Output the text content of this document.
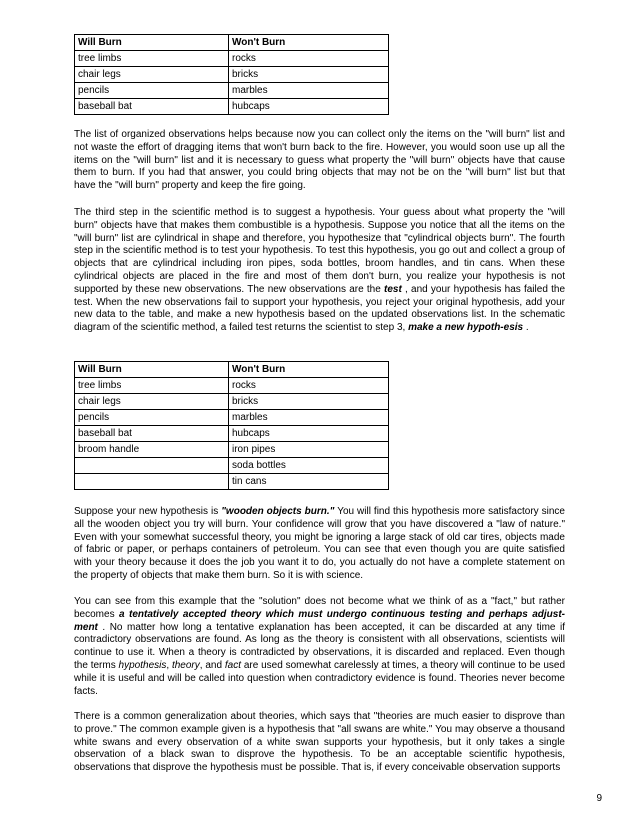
Will Burn	Won't Burn
tree limbs	rocks
chair legs	bricks
pencils	marbles
baseball bat	hubcaps

The list of organized observations helps because now you can collect only the items on the "will burn" list and not waste the effort of dragging items that won't burn back to the fire. However, you would soon use up all the items on the "will burn" list and it is necessary to guess what property the "will burn" objects have that cause them to burn. If you had that answer, you could bring objects that may not be on the "will burn" list but that have the "will burn" property and keep the fire going.

The third step in the scientific method is to suggest a hypothesis. Your guess about what property the "will burn" objects have that makes them combustible is a hypothesis. Suppose you notice that all the items on the "will burn" list are cylindrical in shape and therefore, you hypothesize that "cylindrical objects burn". The fourth step in the scientific method is to test your hypothesis. To test this hypothesis, you go out and collect a group of objects that are cylindrical including iron pipes, soda bottles, broom handles, and tin cans. When these cylindrical objects are placed in the fire and most of them don't burn, you realize your hypothesis is not supported by these new observations. The new observations are the test , and your hypothesis has failed the test. When the new observations fail to support your hypothesis, you reject your original hypothesis, add your new data to the table, and make a new hypothesis based on the updated observations list. In the schematic diagram of the scientific method, a failed test returns the scientist to step 3, make a new hypoth-esis .

Will Burn	Won't Burn
tree limbs	rocks
chair legs	bricks
pencils	marbles
baseball bat	hubcaps
broom handle	iron pipes
	soda bottles
	tin cans

Suppose your new hypothesis is "wooden objects burn." You will find this hypothesis more satisfactory since all the wooden object you try will burn. Your confidence will grow that you have discovered a "law of nature." Even with your somewhat successful theory, you might be ignoring a large stack of old car tires, objects made of fabric or paper, or perhaps containers of petroleum. You can see that even though you are quite satisfied with your theory because it does the job you want it to do, you actually do not have a complete statement on the property of objects that make them burn. So it is with science.

You can see from this example that the "solution" does not become what we think of as a "fact," but rather becomes a tentatively accepted theory which must undergo continuous testing and perhaps adjust-ment . No matter how long a tentative explanation has been accepted, it can be discarded at any time if contradictory observations are found. As long as the theory is consistent with all observations, scientists will continue to use it. When a theory is contradicted by observations, it is discarded and replaced. Even though the terms hypothesis, theory, and fact are used somewhat carelessly at times, a theory will continue to be used while it is useful and will be called into question when contradictory evidence is found. Theories never become facts.

There is a common generalization about theories, which says that "theories are much easier to disprove than to prove." The common example given is a hypothesis that "all swans are white." You may observe a thousand white swans and every observation of a white swan supports your hypothesis, but it only takes a single observation of a black swan to disprove the hypothesis. To be an acceptable scientific hypothesis, observations that disprove the hypothesis must be possible. That is, if every conceivable observation supports

9
